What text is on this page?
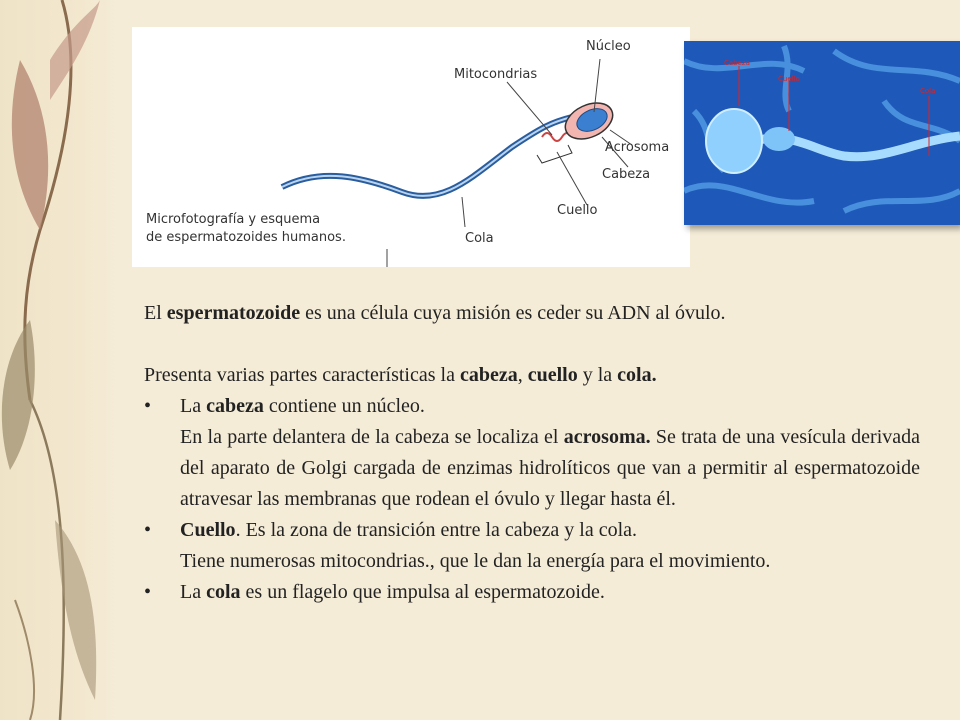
Núcleo
Mitocondrias
Acrosoma
Cabeza
Cuello
Cola
Microfotografía y esquema
de espermatozoides humanos.
Cabeza
Cuello
Cola

El espermatozoide es una célula cuya misión es ceder su ADN al óvulo.

Presenta varias partes características la cabeza, cuello y la cola.

•	La cabeza contiene un núcleo.
En la parte delantera de la cabeza se localiza el acrosoma. Se trata de una vesícula derivada del aparato de Golgi cargada de enzimas hidrolíticos que van a permitir al espermatozoide atravesar las membranas que rodean el óvulo y llegar hasta él.
•	Cuello. Es la zona de transición entre la cabeza y la cola.
Tiene numerosas mitocondrias., que le dan la energía para el movimiento.
•	La cola es un flagelo que impulsa al espermatozoide.
